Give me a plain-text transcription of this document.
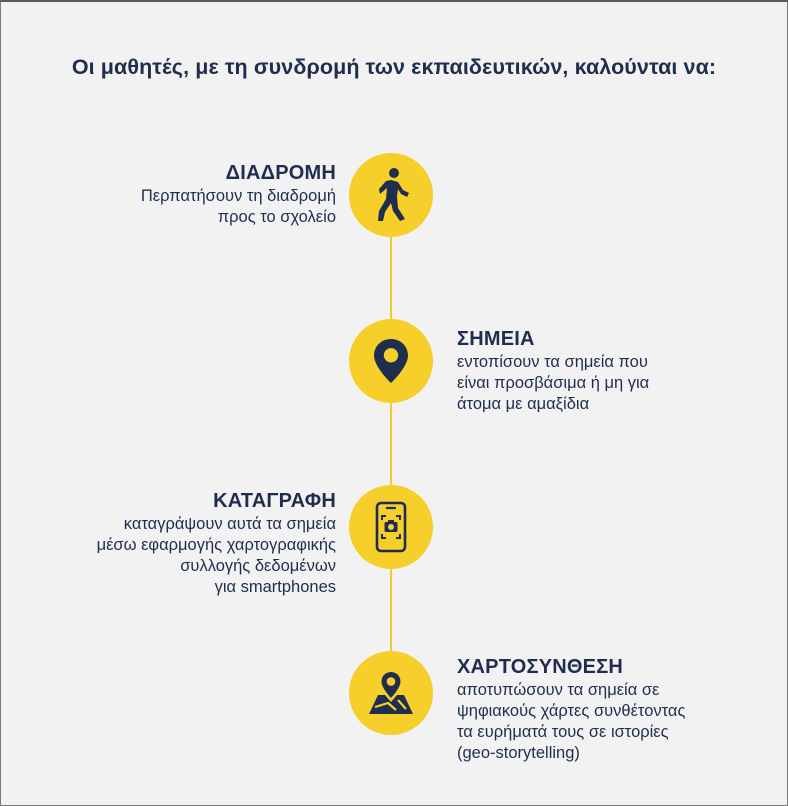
Οι μαθητές, με τη συνδρομή των εκπαιδευτικών, καλούνται να:
ΔΙΑΔΡΟΜΗ
Περπατήσουν τη διαδρομή
προς το σχολείο
ΣΗΜΕΙΑ
εντοπίσουν τα σημεία που
είναι προσβάσιμα ή μη για
άτομα με αμαξίδια
ΚΑΤΑΓΡΑΦΗ
καταγράψουν αυτά τα σημεία
μέσω εφαρμογής χαρτογραφικής
συλλογής δεδομένων
για smartphones
ΧΑΡΤΟΣΥΝΘΕΣΗ
αποτυπώσουν τα σημεία σε
ψηφιακούς χάρτες συνθέτοντας
τα ευρήματά τους σε ιστορίες
(geo-storytelling)
